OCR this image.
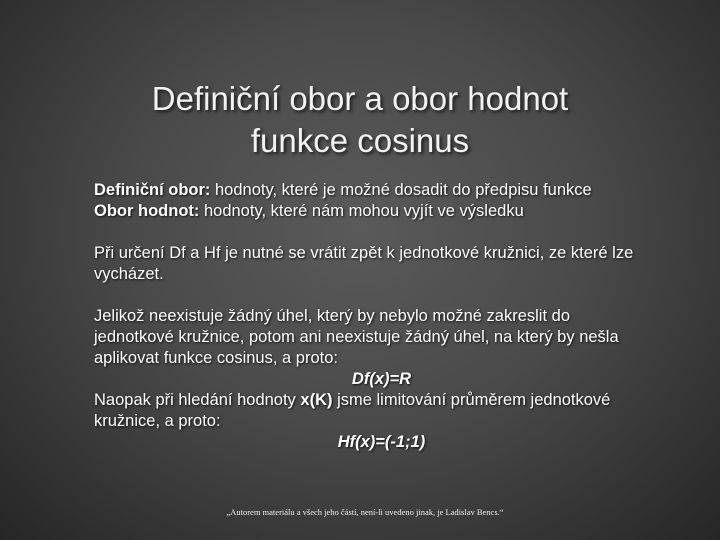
Definiční obor a obor hodnot
funkce cosinus

Definiční obor: hodnoty, které je možné dosadit do předpisu funkce

Obor hodnot: hodnoty, které nám mohou vyjít ve výsledku

Při určení Df a Hf je nutné se vrátit zpět k jednotkové kružnici, ze které lze vycházet.

Jelikož neexistuje žádný úhel, který by nebylo možné zakreslit do jednotkové kružnice, potom ani neexistuje žádný úhel, na který by nešla aplikovat funkce cosinus, a proto:

Df(x)=R

Naopak při hledání hodnoty x(K) jsme limitování průměrem jednotkové kružnice, a proto:

Hf(x)=(-1;1)
„Autorem materiálu a všech jeho částí, není-li uvedeno jinak, je Ladislav Bencs.“
